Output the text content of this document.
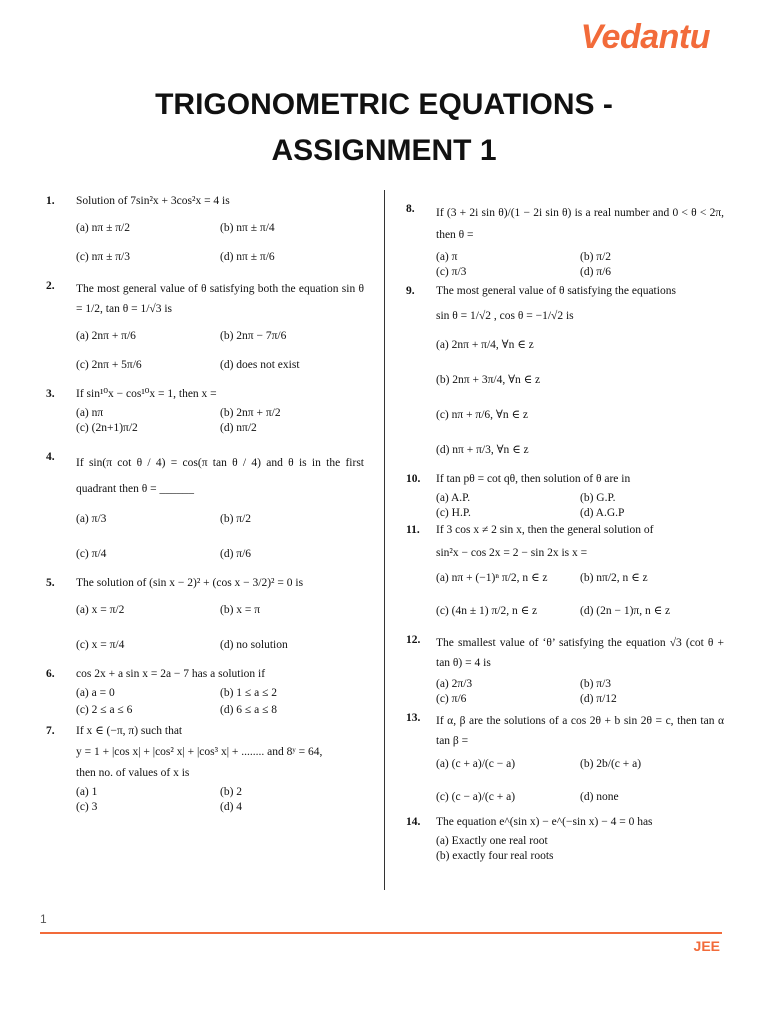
Vedantu
TRIGONOMETRIC EQUATIONS -
ASSIGNMENT 1
1.	Solution of 7sin²x + 3cos²x = 4 is
(a) nπ ± π/2	(b) nπ ± π/4
(c) nπ ± π/3	(d) nπ ± π/6
2.	The most general value of θ satisfying both the equation sin θ = 1/2, tan θ = 1/√3 is
(a) 2nπ + π/6	(b) 2nπ − 7π/6
(c) 2nπ + 5π/6	(d) does not exist
3.	If sin¹⁰x − cos¹⁰x = 1, then x =
(a) nπ	(b) 2nπ + π/2
(c) (2n+1)π/2	(d) nπ/2
4.	If sin(π cot θ / 4) = cos(π tan θ / 4) and θ is in the first quadrant then θ = ______
(a) π/3	(b) π/2
(c) π/4	(d) π/6
5.	The solution of (sin x − 2)² + (cos x − 3/2)² = 0 is
(a) x = π/2	(b) x = π
(c) x = π/4	(d) no solution
6.	cos 2x + a sin x = 2a − 7 has a solution if
(a) a = 0	(b) 1 ≤ a ≤ 2
(c) 2 ≤ a ≤ 6	(d) 6 ≤ a ≤ 8
7.	If x ∈ (−π, π) such that
y = 1 + |cos x| + |cos² x| + |cos³ x| + ........ and 8ʸ = 64,
then no. of values of x is
(a) 1	(b) 2
(c) 3	(d) 4
8.	If (3 + 2i sin θ)/(1 − 2i sin θ) is a real number and 0 < θ < 2π, then θ =
(a) π	(b) π/2
(c) π/3	(d) π/6
9.	The most general value of θ satisfying the equations
sin θ = 1/√2 , cos θ = −1/√2 is
(a) 2nπ + π/4, ∀n ∈ z
(b) 2nπ + 3π/4, ∀n ∈ z
(c) nπ + π/6, ∀n ∈ z
(d) nπ + π/3, ∀n ∈ z
10.	If tan pθ = cot qθ, then solution of θ are in
(a) A.P.	(b) G.P.
(c) H.P.	(d) A.G.P
11.	If 3 cos x ≠ 2 sin x, then the general solution of
sin²x − cos 2x = 2 − sin 2x is x =
(a) nπ + (−1)ⁿ π/2, n ∈ z	(b) nπ/2, n ∈ z
(c) (4n ± 1) π/2, n ∈ z	(d) (2n − 1)π, n ∈ z
12.	The smallest value of ‘θ’ satisfying the equation √3 (cot θ + tan θ) = 4 is
(a) 2π/3	(b) π/3
(c) π/6	(d) π/12
13.	If α, β are the solutions of a cos 2θ + b sin 2θ = c, then tan α tan β =
(a) (c + a)/(c − a)	(b) 2b/(c + a)
(c) (c − a)/(c + a)	(d) none
14.	The equation e^(sin x) − e^(−sin x) − 4 = 0 has
(a) Exactly one real root
(b) exactly four real roots
1
JEE
